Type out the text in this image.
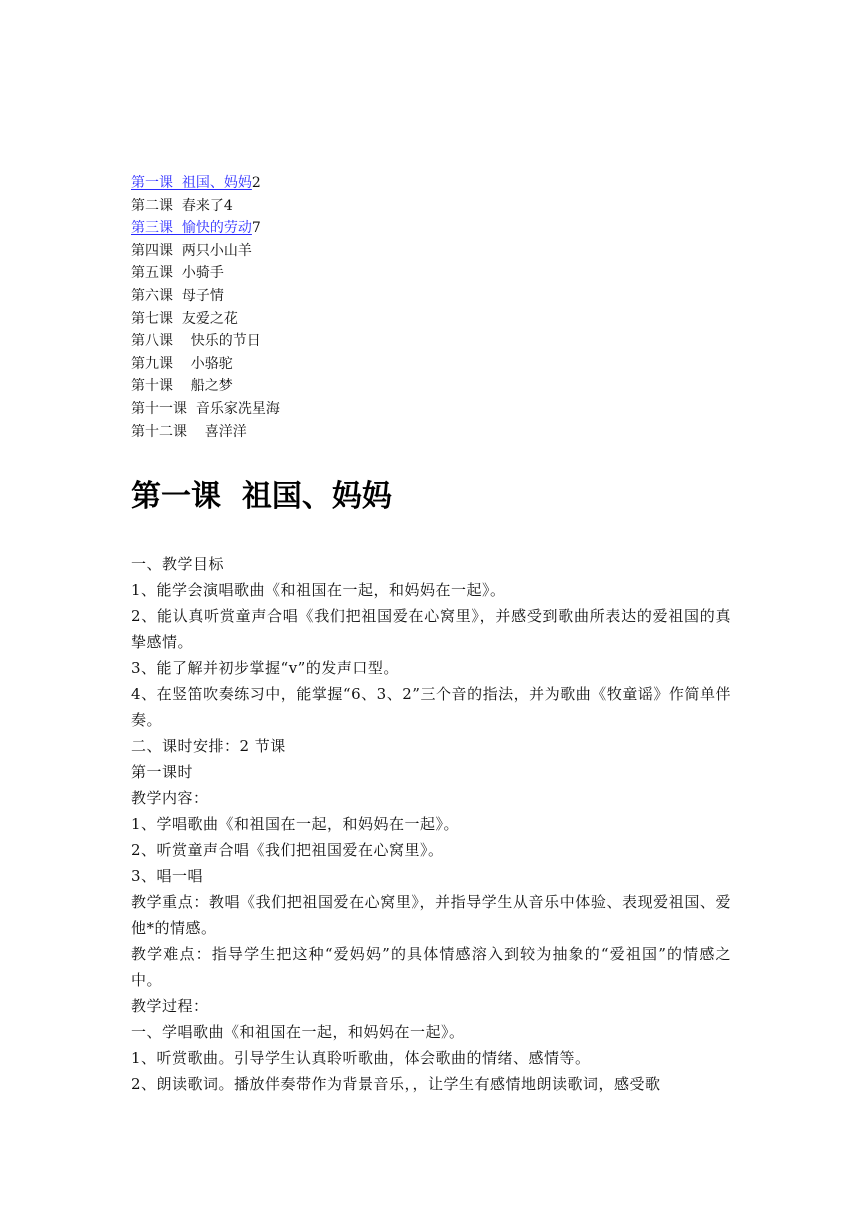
第一课  祖国、妈妈2
第二课  春来了4
第三课  愉快的劳动7
第四课  两只小山羊
第五课  小骑手
第六课  母子情
第七课  友爱之花
第八课    快乐的节日
第九课    小骆驼
第十课    船之梦
第十一课  音乐家冼星海
第十二课    喜洋洋
第一课  祖国、妈妈

一、教学目标

1、能学会演唱歌曲《和祖国在一起，和妈妈在一起》。

2、能认真听赏童声合唱《我们把祖国爱在心窝里》，并感受到歌曲所表达的爱祖国的真挚感情。

3、能了解并初步掌握“v”的发声口型。

4、在竖笛吹奏练习中，能掌握“6、3、2”三个音的指法，并为歌曲《牧童谣》作简单伴奏。

二、课时安排：2 节课

第一课时

教学内容：

1、学唱歌曲《和祖国在一起，和妈妈在一起》。

2、听赏童声合唱《我们把祖国爱在心窝里》。

3、唱一唱

教学重点：教唱《我们把祖国爱在心窝里》，并指导学生从音乐中体验、表现爱祖国、爱他*的情感。

教学难点：指导学生把这种“爱妈妈”的具体情感溶入到较为抽象的“爱祖国”的情感之中。

教学过程：

一、学唱歌曲《和祖国在一起，和妈妈在一起》。

1、听赏歌曲。引导学生认真聆听歌曲，体会歌曲的情绪、感情等。

2、朗读歌词。播放伴奏带作为背景音乐，，让学生有感情地朗读歌词，感受歌
